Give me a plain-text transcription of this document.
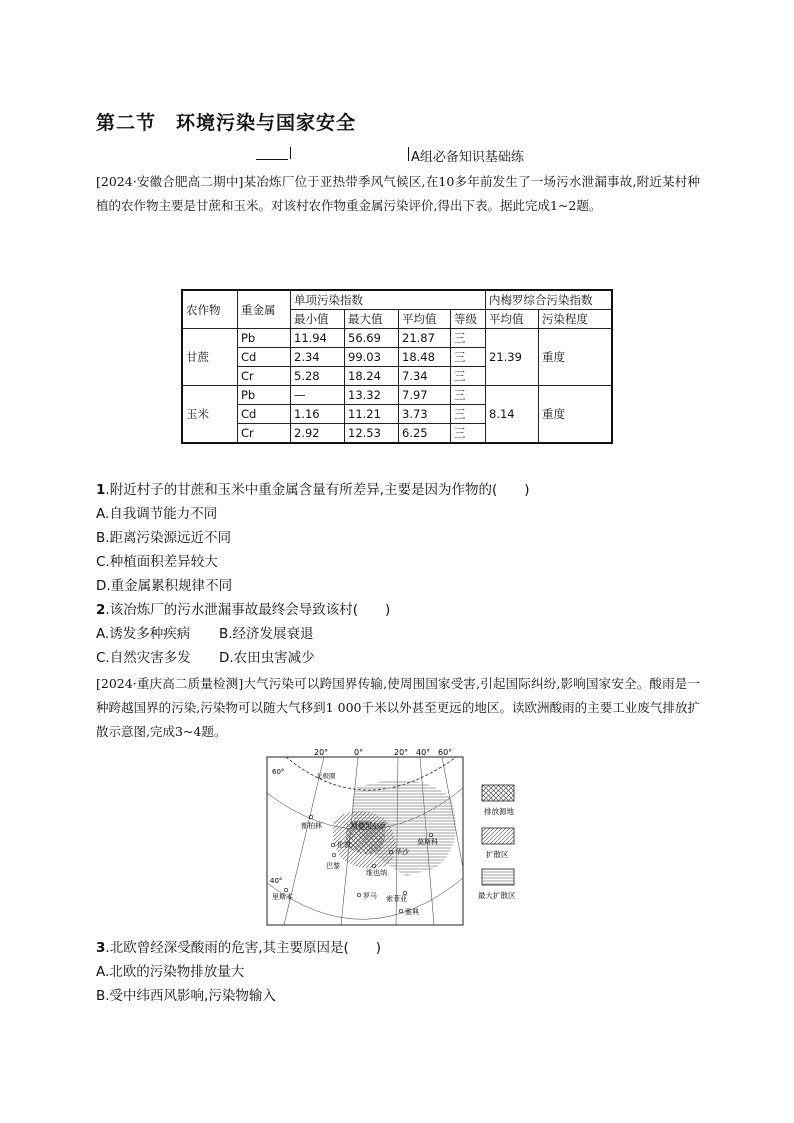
第二节　环境污染与国家安全
A组必备知识基础练
[2024·安徽合肥高二期中]某冶炼厂位于亚热带季风气候区,在10多年前发生了一场污水泄漏事故,附近某村种植的农作物主要是甘蔗和玉米。对该村农作物重金属污染评价,得出下表。据此完成1~2题。
农作物	重金属	单项污染指数				内梅罗综合污染指数	
		最小值	最大值	平均值	等级	平均值	污染程度
甘蔗	Pb	11.94	56.69	21.87	三	21.39	重度
	Cd	2.34	99.03	18.48	三		
	Cr	5.28	18.24	7.34	三		
玉米	Pb	—	13.32	7.97	三	8.14	重度
	Cd	1.16	11.21	3.73	三		
	Cr	2.92	12.53	6.25	三		
1.附近村子的甘蔗和玉米中重金属含量有所差异,主要是因为作物的(　　)
A.自我调节能力不同
B.距离污染源远近不同
C.种植面积差异较大
D.重金属累积规律不同
2.该冶炼厂的污水泄漏事故最终会导致该村(　　)
A.诱发多种疾病 B.经济发展衰退
C.自然灾害多发 D.农田虫害减少
[2024·重庆高二质量检测]大气污染可以跨国界传输,使周围国家受害,引起国际纠纷,影响国家安全。酸雨是一种跨越国界的污染,污染物可以随大气移到1 000千米以外甚至更远的地区。读欧洲酸雨的主要工业废气排放扩散示意图,完成3~4题。
20°	0°	20° 40° 60°
北极圈
60°
40°
都柏林	斯德哥尔摩
伦敦
华沙
莫斯科
巴黎
维也纳
里斯本	罗马 索菲亚
雅典
排放源地
扩散区
最大扩散区
3.北欧曾经深受酸雨的危害,其主要原因是(　　)
A.北欧的污染物排放量大
B.受中纬西风影响,污染物输入
